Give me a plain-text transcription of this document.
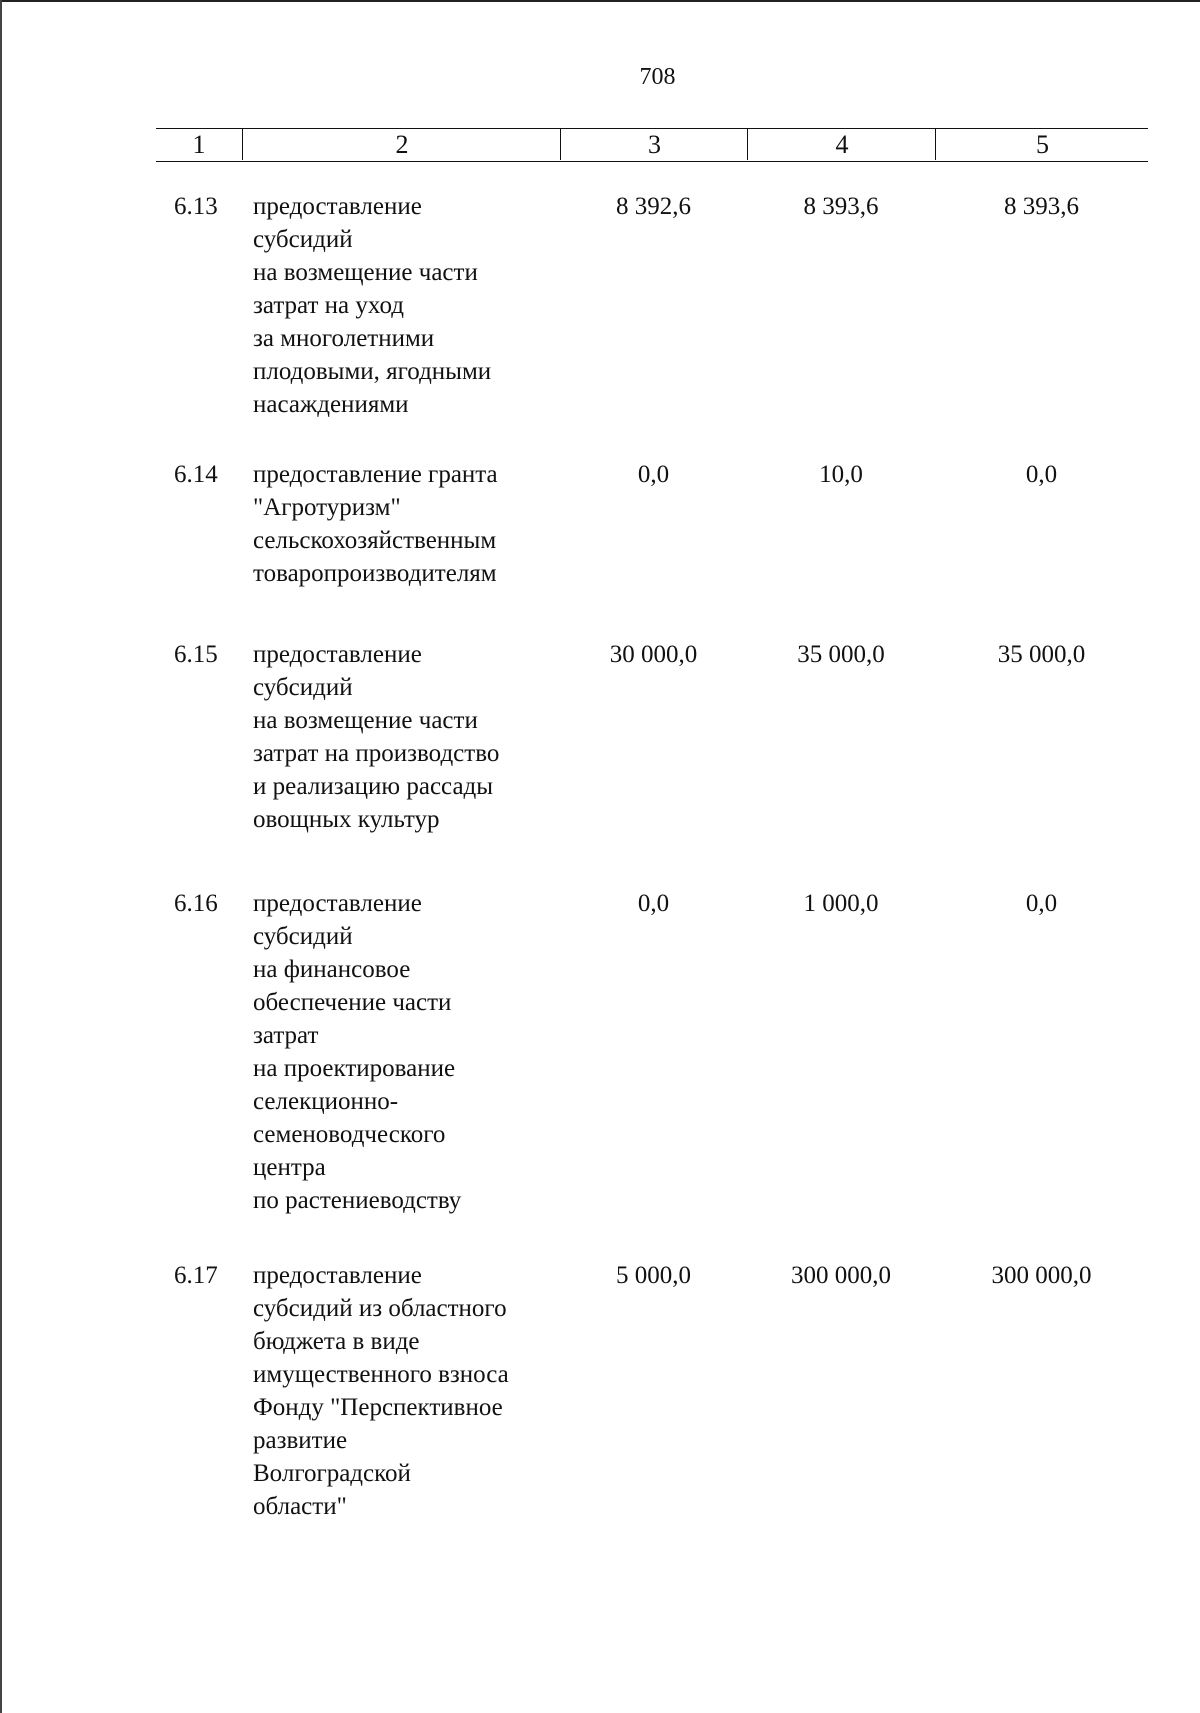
708
1	2	3	4	5
6.13	предоставление
субсидий
на возмещение части
затрат на уход
за многолетними
плодовыми, ягодными
насаждениями
8 392,6	8 393,6	8 393,6
6.14	предоставление гранта
"Агротуризм"
сельскохозяйственным
товаропроизводителям
0,0	10,0	0,0
6.15	предоставление
субсидий
на возмещение части
затрат на производство
и реализацию рассады
овощных культур
30 000,0	35 000,0	35 000,0
6.16	предоставление
субсидий
на финансовое
обеспечение части
затрат
на проектирование
селекционно-
семеноводческого
центра
по растениеводству
0,0	1 000,0	0,0
6.17	предоставление
субсидий из областного
бюджета в виде
имущественного взноса
Фонду "Перспективное
развитие
Волгоградской
области"
5 000,0	300 000,0	300 000,0
